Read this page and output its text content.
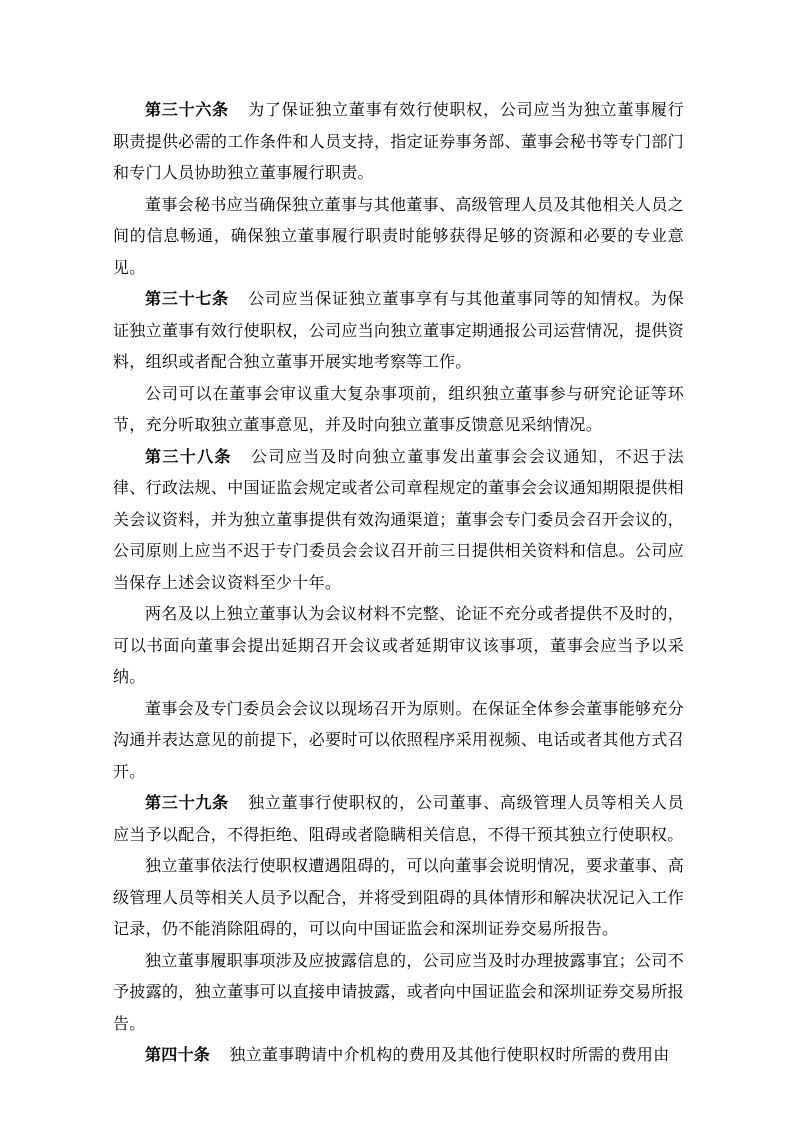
第三十六条 为了保证独立董事有效行使职权，公司应当为独立董事履行职责提供必需的工作条件和人员支持，指定证券事务部、董事会秘书等专门部门和专门人员协助独立董事履行职责。

董事会秘书应当确保独立董事与其他董事、高级管理人员及其他相关人员之间的信息畅通，确保独立董事履行职责时能够获得足够的资源和必要的专业意见。

第三十七条 公司应当保证独立董事享有与其他董事同等的知情权。为保证独立董事有效行使职权，公司应当向独立董事定期通报公司运营情况，提供资料，组织或者配合独立董事开展实地考察等工作。

公司可以在董事会审议重大复杂事项前，组织独立董事参与研究论证等环节，充分听取独立董事意见，并及时向独立董事反馈意见采纳情况。

第三十八条 公司应当及时向独立董事发出董事会会议通知，不迟于法律、行政法规、中国证监会规定或者公司章程规定的董事会会议通知期限提供相关会议资料，并为独立董事提供有效沟通渠道；董事会专门委员会召开会议的，公司原则上应当不迟于专门委员会会议召开前三日提供相关资料和信息。公司应当保存上述会议资料至少十年。

两名及以上独立董事认为会议材料不完整、论证不充分或者提供不及时的，可以书面向董事会提出延期召开会议或者延期审议该事项，董事会应当予以采纳。

董事会及专门委员会会议以现场召开为原则。在保证全体参会董事能够充分沟通并表达意见的前提下，必要时可以依照程序采用视频、电话或者其他方式召开。

第三十九条 独立董事行使职权的，公司董事、高级管理人员等相关人员应当予以配合，不得拒绝、阻碍或者隐瞒相关信息，不得干预其独立行使职权。

独立董事依法行使职权遭遇阻碍的，可以向董事会说明情况，要求董事、高级管理人员等相关人员予以配合，并将受到阻碍的具体情形和解决状况记入工作记录，仍不能消除阻碍的，可以向中国证监会和深圳证券交易所报告。

独立董事履职事项涉及应披露信息的，公司应当及时办理披露事宜；公司不予披露的，独立董事可以直接申请披露，或者向中国证监会和深圳证券交易所报告。

第四十条 独立董事聘请中介机构的费用及其他行使职权时所需的费用由
